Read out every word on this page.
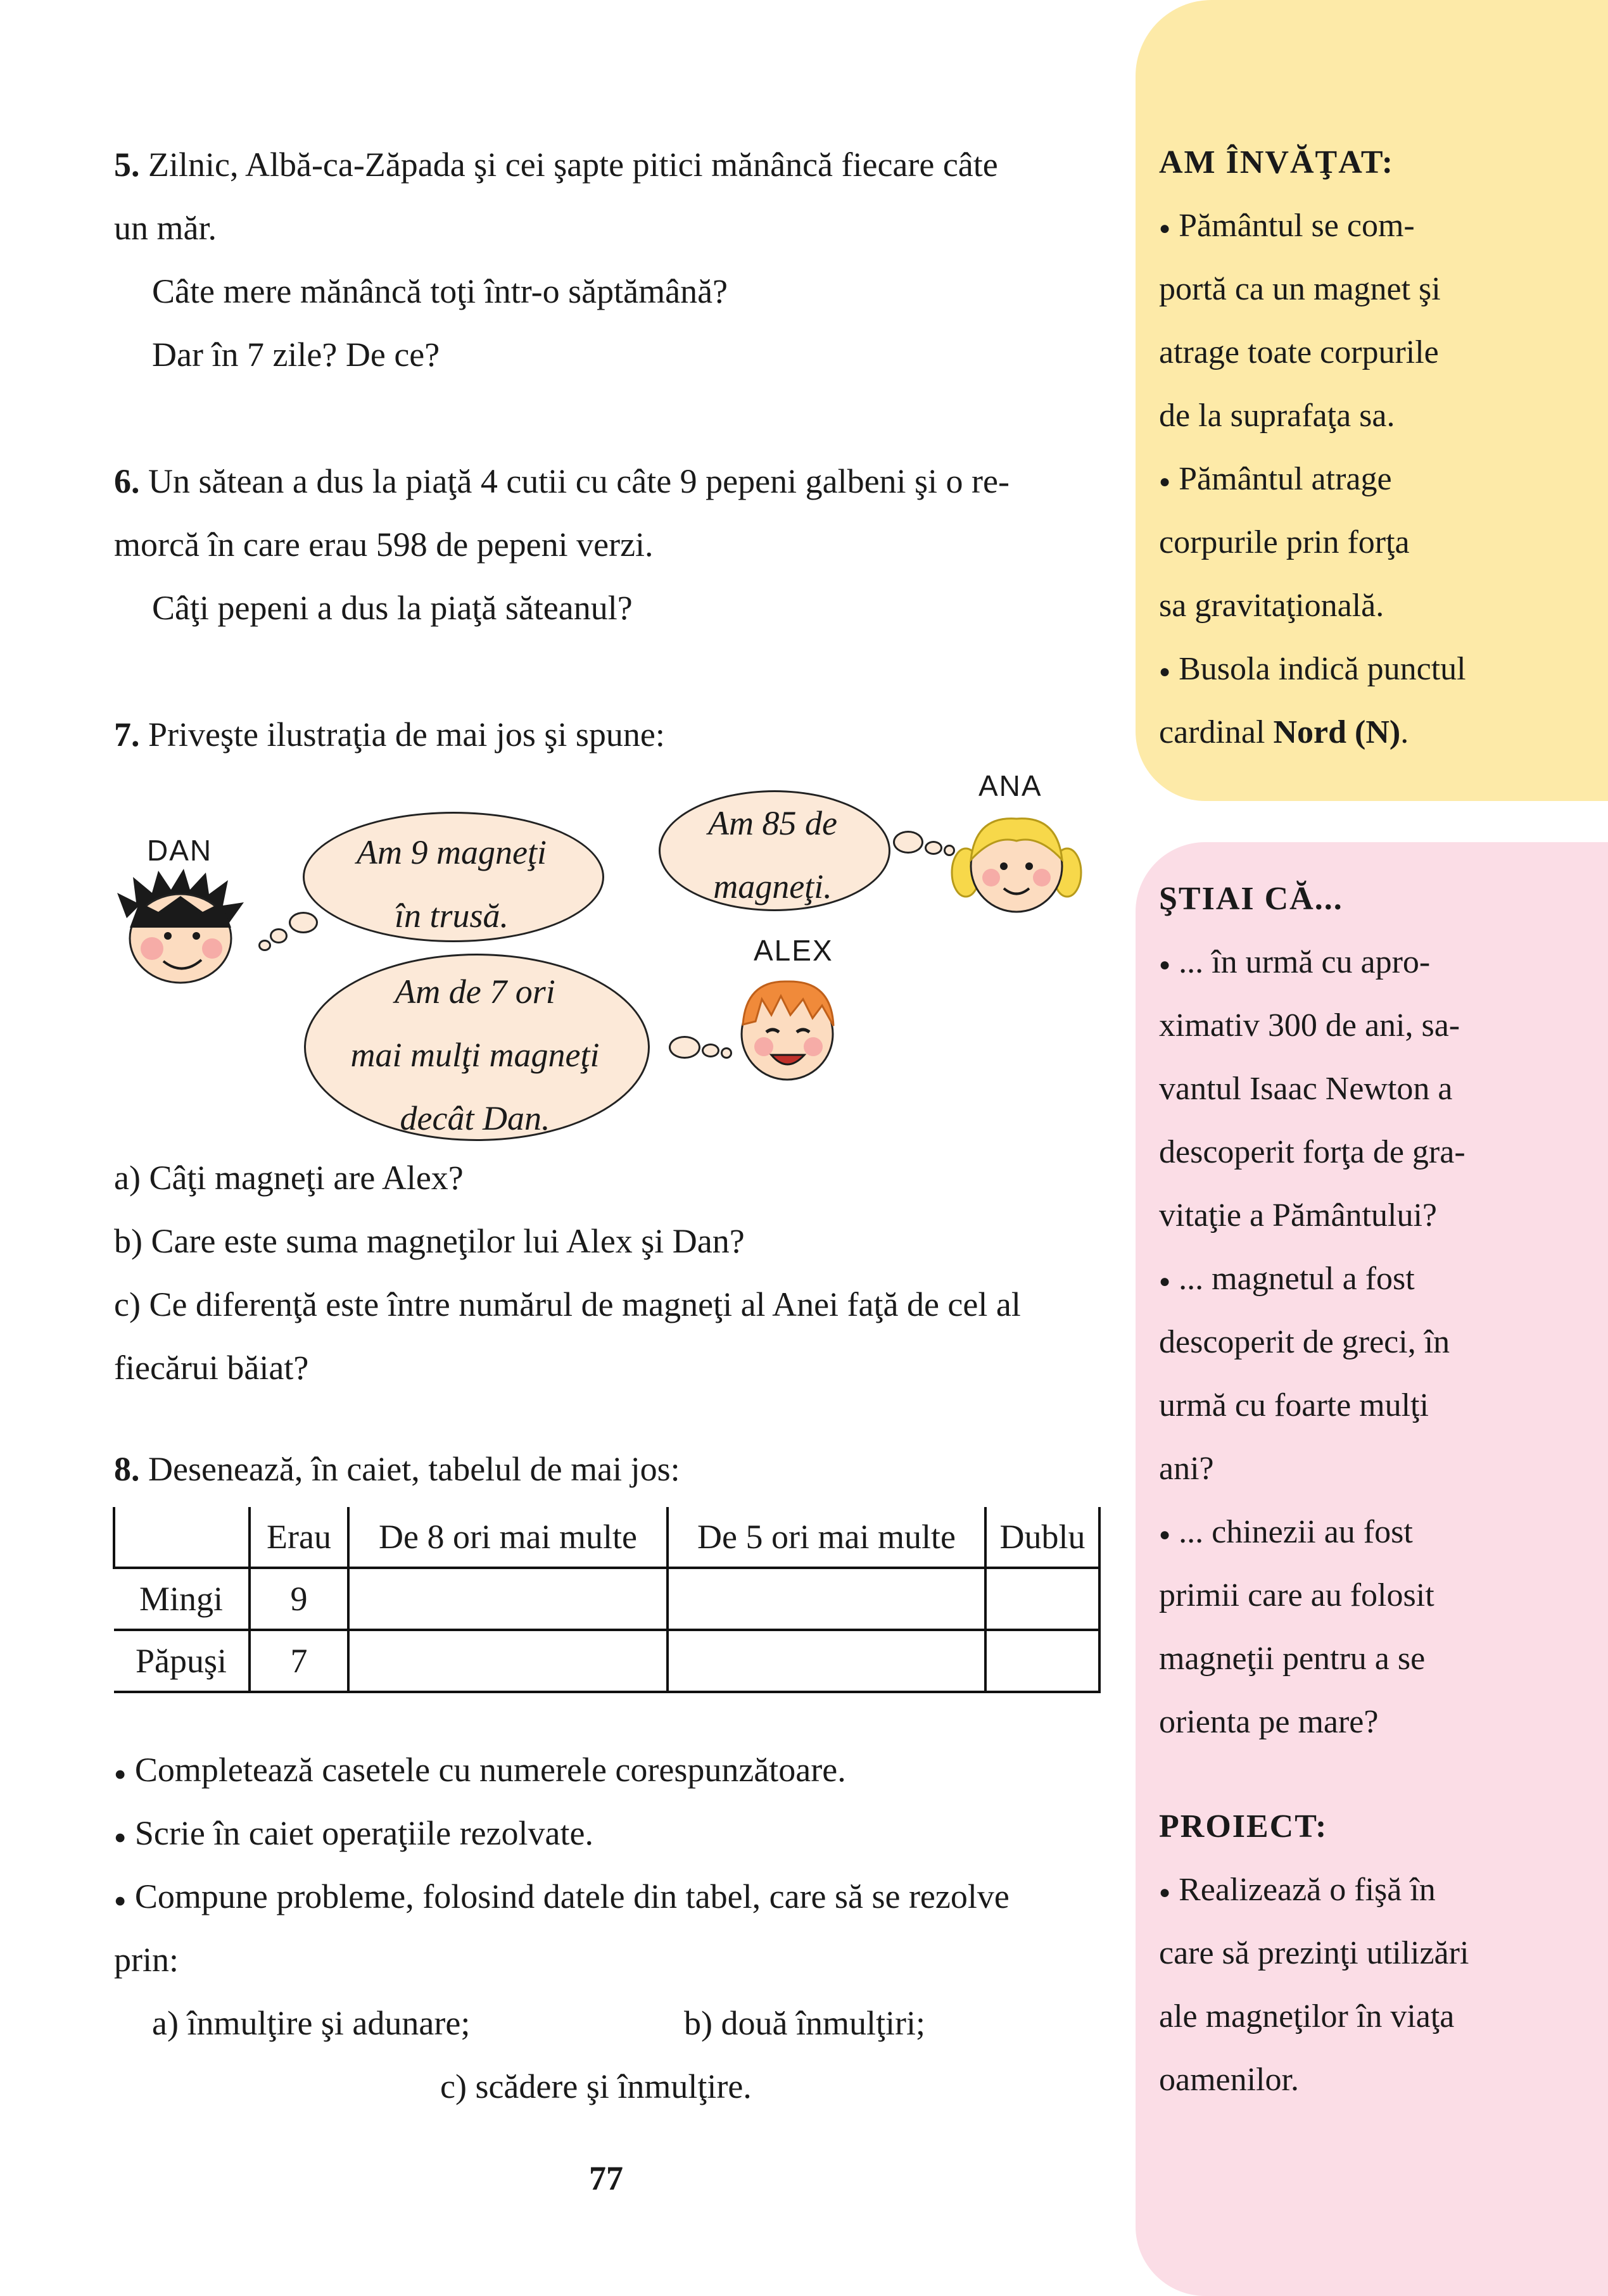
5. Zilnic, Albă-ca-Zăpada şi cei şapte pitici mănâncă fiecare câte
un măr.
Câte mere mănâncă toţi într-o săptămână?
Dar în 7 zile? De ce?
6. Un sătean a dus la piaţă 4 cutii cu câte 9 pepeni galbeni şi o re-
morcă în care erau 598 de pepeni verzi.
Câţi pepeni a dus la piaţă săteanul?
7. Priveşte ilustraţia de mai jos şi spune:
DAN
ANA
ALEX
Am 9 magneţi
în trusă.
Am 85 de
magneţi.
Am de 7 ori
mai mulţi magneţi
decât Dan.
a) Câţi magneţi are Alex?
b) Care este suma magneţilor lui Alex şi Dan?
c) Ce diferenţă este între numărul de magneţi al Anei faţă de cel al
fiecărui băiat?
8. Desenează, în caiet, tabelul de mai jos:
	Erau	De 8 ori mai multe	De 5 ori mai multe	Dublu
Mingi	9			
Păpuşi	7			
● Completează casetele cu numerele corespunzătoare.
● Scrie în caiet operaţiile rezolvate.
● Compune probleme, folosind datele din tabel, care să se rezolve
prin:
a) înmulţire şi adunare;	b) două înmulţiri;
c) scădere şi înmulţire.
77
AM ÎNVĂŢAT:
● Pământul se com-
portă ca un magnet şi
atrage toate corpurile
de la suprafaţa sa.
● Pământul atrage
corpurile prin forţa
sa gravitaţională.
● Busola indică punctul
cardinal Nord (N).
ŞTIAI CĂ...
● ... în urmă cu apro-
ximativ 300 de ani, sa-
vantul Isaac Newton a
descoperit forţa de gra-
vitaţie a Pământului?
● ... magnetul a fost
descoperit de greci, în
urmă cu foarte mulţi
ani?
● ... chinezii au fost
primii care au folosit
magneţii pentru a se
orienta pe mare?
PROIECT:
● Realizează o fişă în
care să prezinţi utilizări
ale magneţilor în viaţa
oamenilor.
